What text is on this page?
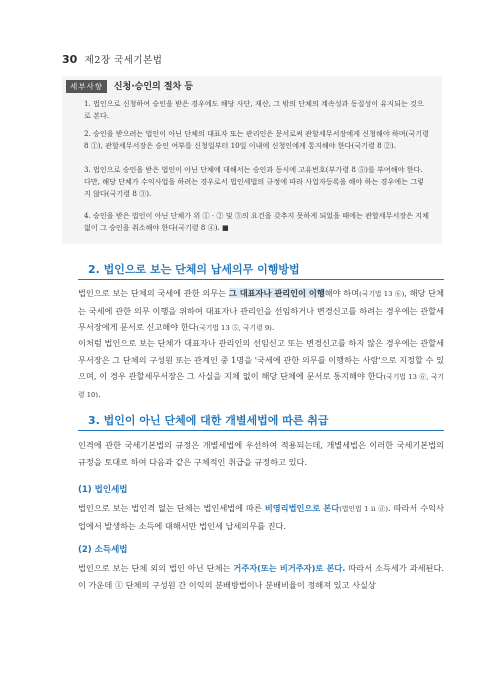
30 제2장 국세기본법
세부사항 신청·승인의 절차 등
1. 법인으로 신청하여 승인을 받은 경우에도 해당 사단, 재산, 그 밖의 단체의 계속성과 동질성이 유지되는 것으로 본다.
2. 승인을 받으려는 법인이 아닌 단체의 대표자 또는 관리인은 문서로써 관할세무서장에게 신청해야 하며(국기령 8 ①), 관할세무서장은 승인 여부를 신청일부터 10일 이내에 신청인에게 통지해야 한다(국기령 8 ②).
3. 법인으로 승인을 받은 법인이 아닌 단체에 대해서는 승인과 동시에 고유번호(부가령 8 ⑤)를 부여해야 한다. 다만, 해당 단체가 수익사업을 하려는 경우로서 법인세법의 규정에 따라 사업자등록을 해야 하는 경우에는 그렇지 않다(국기령 8 ③).
4. 승인을 받은 법인이 아닌 단체가 위 ① · ② 및 ③의 요건을 갖추지 못하게 되었을 때에는 관할세무서장은 지체 없이 그 승인을 취소해야 한다(국기령 8 ④). ■
2. 법인으로 보는 단체의 납세의무 이행방법
법인으로 보는 단체의 국세에 관한 의무는 그 대표자나 관리인이 이행해야 하며(국기법 13 ⑥), 해당 단체는 국세에 관한 의무 이행을 위하여 대표자나 관리인을 선임하거나 변경신고를 하려는 경우에는 관할세무서장에게 문서로 신고해야 한다(국기법 13 ⑤, 국기령 9).
이처럼 법인으로 보는 단체가 대표자나 관리인의 선임신고 또는 변경신고를 하지 않은 경우에는 관할세무서장은 그 단체의 구성원 또는 관계인 중 1명을 '국세에 관한 의무를 이행하는 사람'으로 지정할 수 있으며, 이 경우 관할세무서장은 그 사실을 지체 없이 해당 단체에 문서로 통지해야 한다(국기법 13 ⑥, 국기령 10).
3. 법인이 아닌 단체에 대한 개별세법에 따른 취급
인격에 관한 국세기본법의 규정은 개별세법에 우선하여 적용되는데, 개별세법은 이러한 국세기본법의 규정을 토대로 하여 다음과 같은 구체적인 취급을 규정하고 있다.
(1) 법인세법
법인으로 보는 법인격 없는 단체는 법인세법에 따른 비영리법인으로 본다(법인법 1 ⅱ ⓓ). 따라서 수익사업에서 발생하는 소득에 대해서만 법인세 납세의무를 진다.
(2) 소득세법
법인으로 보는 단체 외의 법인 아닌 단체는 거주자(또는 비거주자)로 본다. 따라서 소득세가 과세된다. 이 가운데 ① 단체의 구성원 간 이익의 분배방법이나 분배비율이 정해져 있고 사실상
